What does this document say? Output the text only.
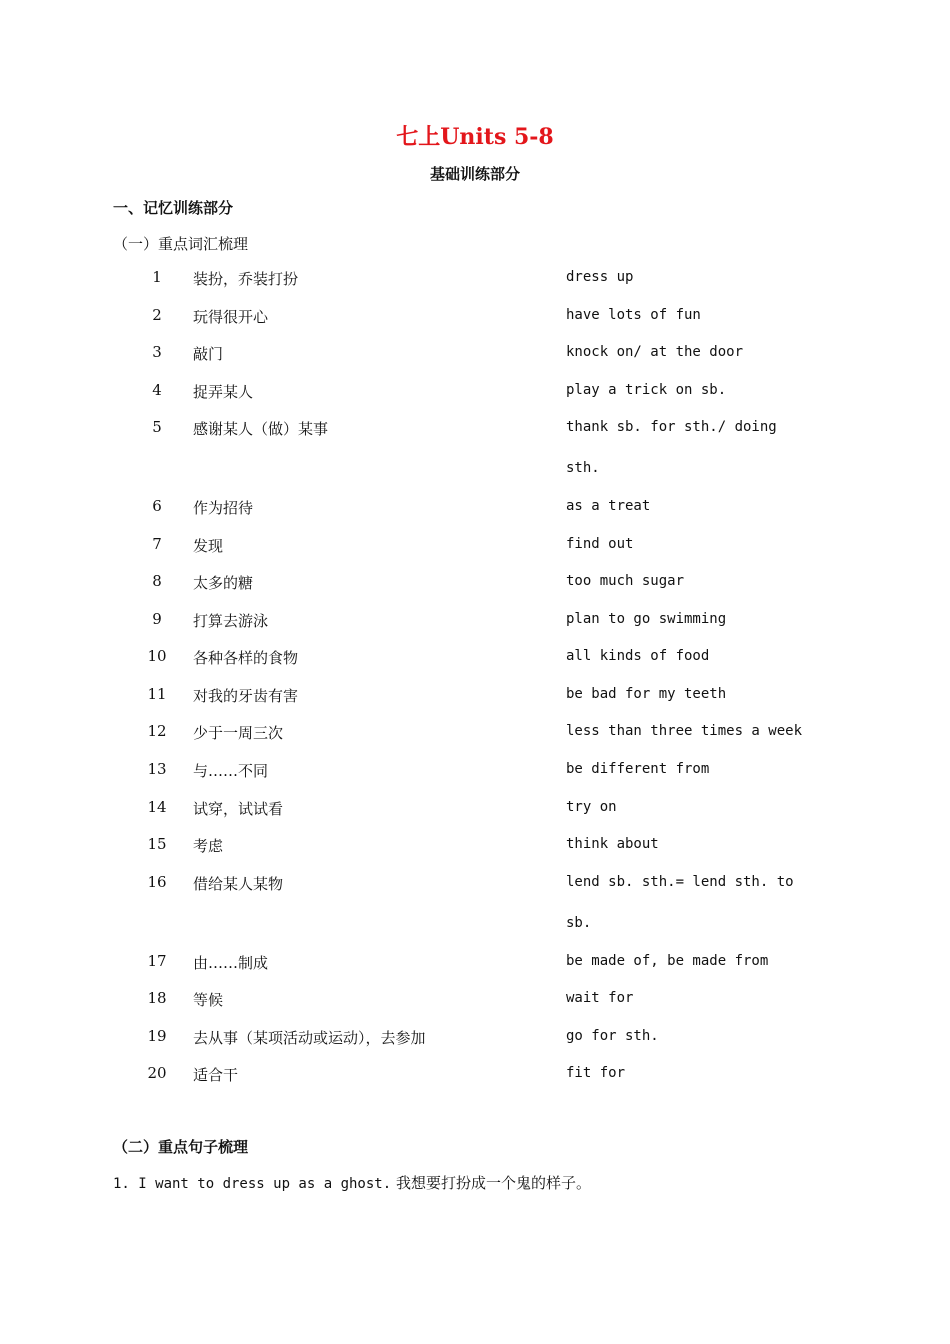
七上Units 5-8
基础训练部分
一、记忆训练部分
（一）重点词汇梳理
1	装扮，乔装打扮	dress up
2	玩得很开心	have lots of fun
3	敲门	knock on/ at the door
4	捉弄某人	play a trick on sb.
5	感谢某人（做）某事	thank sb. for sth./ doing sth.
6	作为招待	as a treat
7	发现	find out
8	太多的糖	too much sugar
9	打算去游泳	plan to go swimming
10	各种各样的食物	all kinds of food
11	对我的牙齿有害	be bad for my teeth
12	少于一周三次	less than three times a week
13	与……不同	be different from
14	试穿，试试看	try on
15	考虑	think about
16	借给某人某物	lend sb. sth.= lend sth. to sb.
17	由……制成	be made of, be made from
18	等候	wait for
19	去从事（某项活动或运动），去参加	go for sth.
20	适合干	fit for
（二）重点句子梳理
1. I want to dress up as a ghost. 我想要打扮成一个鬼的样子。
